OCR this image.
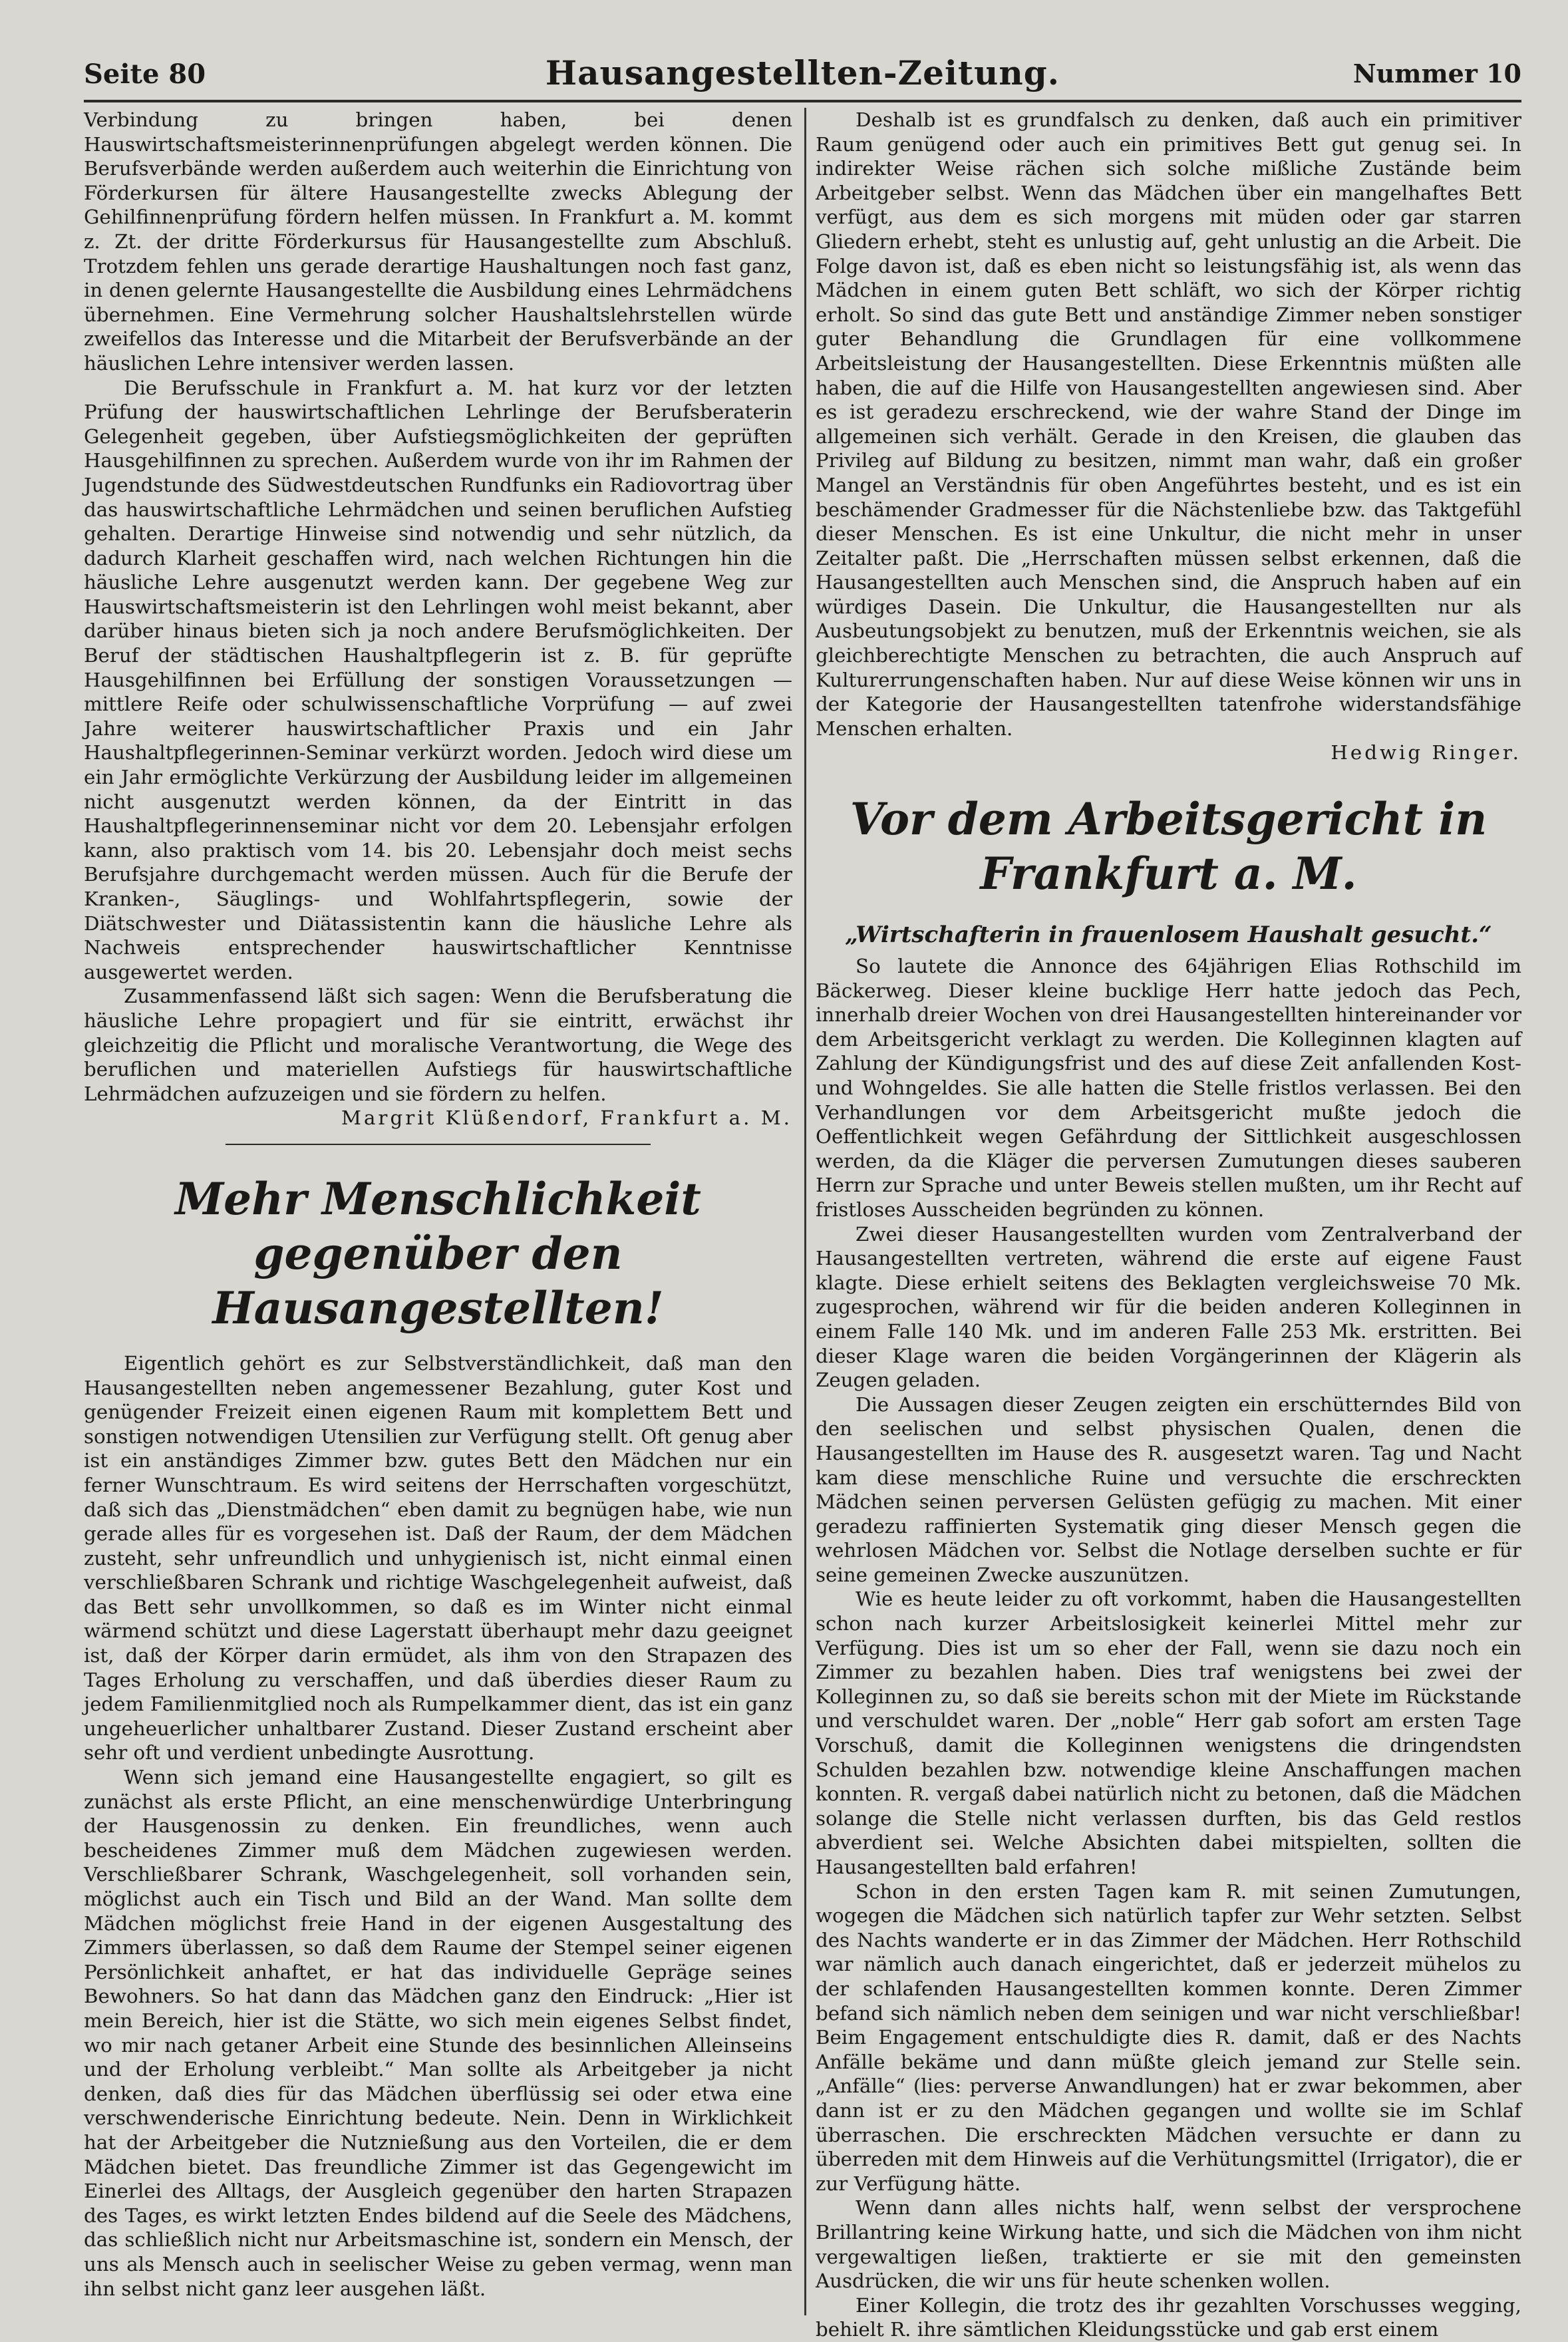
Seite 80	Hausangestellten-Zeitung.	Nummer 10

Verbindung zu bringen haben, bei denen Hauswirtschaftsmeisterinnenprüfungen abgelegt werden können. Die Berufsverbände werden außerdem auch weiterhin die Einrichtung von Förderkursen für ältere Hausangestellte zwecks Ablegung der Gehilfinnenprüfung fördern helfen müssen. In Frankfurt a. M. kommt z. Zt. der dritte Förderkursus für Hausangestellte zum Abschluß. Trotzdem fehlen uns gerade derartige Haushaltungen noch fast ganz, in denen gelernte Hausangestellte die Ausbildung eines Lehrmädchens übernehmen. Eine Vermehrung solcher Haushaltslehrstellen würde zweifellos das Interesse und die Mitarbeit der Berufsverbände an der häuslichen Lehre intensiver werden lassen.

Die Berufsschule in Frankfurt a. M. hat kurz vor der letzten Prüfung der hauswirtschaftlichen Lehrlinge der Berufsberaterin Gelegenheit gegeben, über Aufstiegsmöglichkeiten der geprüften Hausgehilfinnen zu sprechen. Außerdem wurde von ihr im Rahmen der Jugendstunde des Südwestdeutschen Rundfunks ein Radiovortrag über das hauswirtschaftliche Lehrmädchen und seinen beruflichen Aufstieg gehalten. Derartige Hinweise sind notwendig und sehr nützlich, da dadurch Klarheit geschaffen wird, nach welchen Richtungen hin die häusliche Lehre ausgenutzt werden kann. Der gegebene Weg zur Hauswirtschaftsmeisterin ist den Lehrlingen wohl meist bekannt, aber darüber hinaus bieten sich ja noch andere Berufsmöglichkeiten. Der Beruf der städtischen Haushaltpflegerin ist z. B. für geprüfte Hausgehilfinnen bei Erfüllung der sonstigen Voraussetzungen — mittlere Reife oder schulwissenschaftliche Vorprüfung — auf zwei Jahre weiterer hauswirtschaftlicher Praxis und ein Jahr Haushaltpflegerinnen-Seminar verkürzt worden. Jedoch wird diese um ein Jahr ermöglichte Verkürzung der Ausbildung leider im allgemeinen nicht ausgenutzt werden können, da der Eintritt in das Haushaltpflegerinnenseminar nicht vor dem 20. Lebensjahr erfolgen kann, also praktisch vom 14. bis 20. Lebensjahr doch meist sechs Berufsjahre durchgemacht werden müssen. Auch für die Berufe der Kranken-, Säuglings- und Wohlfahrtspflegerin, sowie der Diätschwester und Diätassistentin kann die häusliche Lehre als Nachweis entsprechender hauswirtschaftlicher Kenntnisse ausgewertet werden.

Zusammenfassend läßt sich sagen: Wenn die Berufsberatung die häusliche Lehre propagiert und für sie eintritt, erwächst ihr gleichzeitig die Pflicht und moralische Verantwortung, die Wege des beruflichen und materiellen Aufstiegs für hauswirtschaftliche Lehrmädchen aufzuzeigen und sie fördern zu helfen.

Margrit Klüßendorf, Frankfurt a. M.

Mehr Menschlichkeit gegenüber den Hausangestellten!

Eigentlich gehört es zur Selbstverständlichkeit, daß man den Hausangestellten neben angemessener Bezahlung, guter Kost und genügender Freizeit einen eigenen Raum mit komplettem Bett und sonstigen notwendigen Utensilien zur Verfügung stellt. Oft genug aber ist ein anständiges Zimmer bzw. gutes Bett den Mädchen nur ein ferner Wunschtraum. Es wird seitens der Herrschaften vorgeschützt, daß sich das „Dienstmädchen“ eben damit zu begnügen habe, wie nun gerade alles für es vorgesehen ist. Daß der Raum, der dem Mädchen zusteht, sehr unfreundlich und unhygienisch ist, nicht einmal einen verschließbaren Schrank und richtige Waschgelegenheit aufweist, daß das Bett sehr unvollkommen, so daß es im Winter nicht einmal wärmend schützt und diese Lagerstatt überhaupt mehr dazu geeignet ist, daß der Körper darin ermüdet, als ihm von den Strapazen des Tages Erholung zu verschaffen, und daß überdies dieser Raum zu jedem Familienmitglied noch als Rumpelkammer dient, das ist ein ganz ungeheuerlicher unhaltbarer Zustand. Dieser Zustand erscheint aber sehr oft und verdient unbedingte Ausrottung.

Wenn sich jemand eine Hausangestellte engagiert, so gilt es zunächst als erste Pflicht, an eine menschenwürdige Unterbringung der Hausgenossin zu denken. Ein freundliches, wenn auch bescheidenes Zimmer muß dem Mädchen zugewiesen werden. Verschließbarer Schrank, Waschgelegenheit, soll vorhanden sein, möglichst auch ein Tisch und Bild an der Wand. Man sollte dem Mädchen möglichst freie Hand in der eigenen Ausgestaltung des Zimmers überlassen, so daß dem Raume der Stempel seiner eigenen Persönlichkeit anhaftet, er hat das individuelle Gepräge seines Bewohners. So hat dann das Mädchen ganz den Eindruck: „Hier ist mein Bereich, hier ist die Stätte, wo sich mein eigenes Selbst findet, wo mir nach getaner Arbeit eine Stunde des besinnlichen Alleinseins und der Erholung verbleibt.“ Man sollte als Arbeitgeber ja nicht denken, daß dies für das Mädchen überflüssig sei oder etwa eine verschwenderische Einrichtung bedeute. Nein. Denn in Wirklichkeit hat der Arbeitgeber die Nutznießung aus den Vorteilen, die er dem Mädchen bietet. Das freundliche Zimmer ist das Gegengewicht im Einerlei des Alltags, der Ausgleich gegenüber den harten Strapazen des Tages, es wirkt letzten Endes bildend auf die Seele des Mädchens, das schließlich nicht nur Arbeitsmaschine ist, sondern ein Mensch, der uns als Mensch auch in seelischer Weise zu geben vermag, wenn man ihn selbst nicht ganz leer ausgehen läßt.

Deshalb ist es grundfalsch zu denken, daß auch ein primitiver Raum genügend oder auch ein primitives Bett gut genug sei. In indirekter Weise rächen sich solche mißliche Zustände beim Arbeitgeber selbst. Wenn das Mädchen über ein mangelhaftes Bett verfügt, aus dem es sich morgens mit müden oder gar starren Gliedern erhebt, steht es unlustig auf, geht unlustig an die Arbeit. Die Folge davon ist, daß es eben nicht so leistungsfähig ist, als wenn das Mädchen in einem guten Bett schläft, wo sich der Körper richtig erholt. So sind das gute Bett und anständige Zimmer neben sonstiger guter Behandlung die Grundlagen für eine vollkommene Arbeitsleistung der Hausangestellten. Diese Erkenntnis müßten alle haben, die auf die Hilfe von Hausangestellten angewiesen sind. Aber es ist geradezu erschreckend, wie der wahre Stand der Dinge im allgemeinen sich verhält. Gerade in den Kreisen, die glauben das Privileg auf Bildung zu besitzen, nimmt man wahr, daß ein großer Mangel an Verständnis für oben Angeführtes besteht, und es ist ein beschämender Gradmesser für die Nächstenliebe bzw. das Taktgefühl dieser Menschen. Es ist eine Unkultur, die nicht mehr in unser Zeitalter paßt. Die „Herrschaften müssen selbst erkennen, daß die Hausangestellten auch Menschen sind, die Anspruch haben auf ein würdiges Dasein. Die Unkultur, die Hausangestellten nur als Ausbeutungsobjekt zu benutzen, muß der Erkenntnis weichen, sie als gleichberechtigte Menschen zu betrachten, die auch Anspruch auf Kulturerrungenschaften haben. Nur auf diese Weise können wir uns in der Kategorie der Hausangestellten tatenfrohe widerstandsfähige Menschen erhalten.

Hedwig Ringer.

Vor dem Arbeitsgericht in Frankfurt a. M.
„Wirtschafterin in frauenlosem Haushalt gesucht.“

So lautete die Annonce des 64jährigen Elias Rothschild im Bäckerweg. Dieser kleine bucklige Herr hatte jedoch das Pech, innerhalb dreier Wochen von drei Hausangestellten hintereinander vor dem Arbeitsgericht verklagt zu werden. Die Kolleginnen klagten auf Zahlung der Kündigungsfrist und des auf diese Zeit anfallenden Kost- und Wohngeldes. Sie alle hatten die Stelle fristlos verlassen. Bei den Verhandlungen vor dem Arbeitsgericht mußte jedoch die Oeffentlichkeit wegen Gefährdung der Sittlichkeit ausgeschlossen werden, da die Kläger die perversen Zumutungen dieses sauberen Herrn zur Sprache und unter Beweis stellen mußten, um ihr Recht auf fristloses Ausscheiden begründen zu können.

Zwei dieser Hausangestellten wurden vom Zentralverband der Hausangestellten vertreten, während die erste auf eigene Faust klagte. Diese erhielt seitens des Beklagten vergleichsweise 70 Mk. zugesprochen, während wir für die beiden anderen Kolleginnen in einem Falle 140 Mk. und im anderen Falle 253 Mk. erstritten. Bei dieser Klage waren die beiden Vorgängerinnen der Klägerin als Zeugen geladen.

Die Aussagen dieser Zeugen zeigten ein erschütterndes Bild von den seelischen und selbst physischen Qualen, denen die Hausangestellten im Hause des R. ausgesetzt waren. Tag und Nacht kam diese menschliche Ruine und versuchte die erschreckten Mädchen seinen perversen Gelüsten gefügig zu machen. Mit einer geradezu raffinierten Systematik ging dieser Mensch gegen die wehrlosen Mädchen vor. Selbst die Notlage derselben suchte er für seine gemeinen Zwecke auszunützen.

Wie es heute leider zu oft vorkommt, haben die Hausangestellten schon nach kurzer Arbeitslosigkeit keinerlei Mittel mehr zur Verfügung. Dies ist um so eher der Fall, wenn sie dazu noch ein Zimmer zu bezahlen haben. Dies traf wenigstens bei zwei der Kolleginnen zu, so daß sie bereits schon mit der Miete im Rückstande und verschuldet waren. Der „noble“ Herr gab sofort am ersten Tage Vorschuß, damit die Kolleginnen wenigstens die dringendsten Schulden bezahlen bzw. notwendige kleine Anschaffungen machen konnten. R. vergaß dabei natürlich nicht zu betonen, daß die Mädchen solange die Stelle nicht verlassen durften, bis das Geld restlos abverdient sei. Welche Absichten dabei mitspielten, sollten die Hausangestellten bald erfahren!

Schon in den ersten Tagen kam R. mit seinen Zumutungen, wogegen die Mädchen sich natürlich tapfer zur Wehr setzten. Selbst des Nachts wanderte er in das Zimmer der Mädchen. Herr Rothschild war nämlich auch danach eingerichtet, daß er jederzeit mühelos zu der schlafenden Hausangestellten kommen konnte. Deren Zimmer befand sich nämlich neben dem seinigen und war nicht verschließbar! Beim Engagement entschuldigte dies R. damit, daß er des Nachts Anfälle bekäme und dann müßte gleich jemand zur Stelle sein. „Anfälle“ (lies: perverse Anwandlungen) hat er zwar bekommen, aber dann ist er zu den Mädchen gegangen und wollte sie im Schlaf überraschen. Die erschreckten Mädchen versuchte er dann zu überreden mit dem Hinweis auf die Verhütungsmittel (Irrigator), die er zur Verfügung hätte.

Wenn dann alles nichts half, wenn selbst der versprochene Brillantring keine Wirkung hatte, und sich die Mädchen von ihm nicht vergewaltigen ließen, traktierte er sie mit den gemeinsten Ausdrücken, die wir uns für heute schenken wollen.

Einer Kollegin, die trotz des ihr gezahlten Vorschusses wegging, behielt R. ihre sämtlichen Kleidungsstücke und gab erst einem
